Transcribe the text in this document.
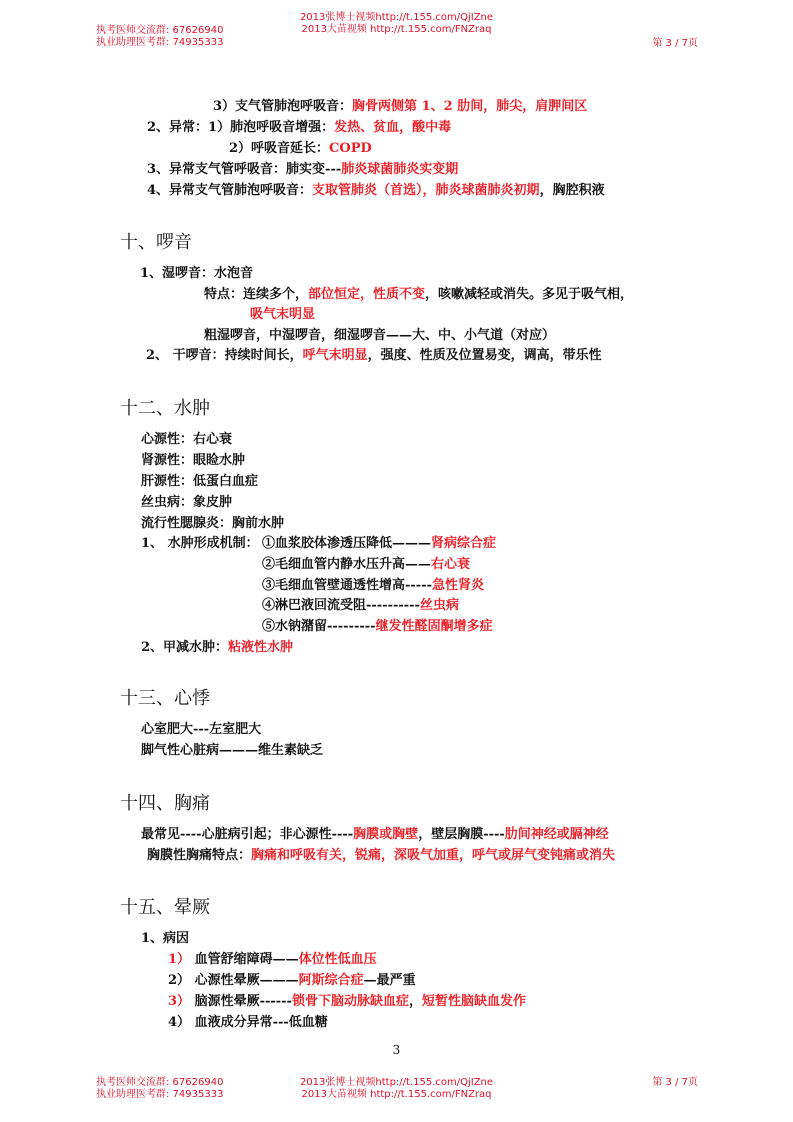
执考医师交流群: 67626940
执业助理医考群: 74935333
2013张博士视频http://t.155.com/QjIZne
2013大苗视频 http://t.155.com/FNZraq
第 3 / 7页
3）支气管肺泡呼吸音：胸骨两侧第 1、2 肋间，肺尖，肩胛间区
2、异常：1）肺泡呼吸音增强：发热、贫血，酸中毒
2）呼吸音延长：COPD
3、异常支气管呼吸音：肺实变---肺炎球菌肺炎实变期
4、异常支气管肺泡呼吸音：支取管肺炎（首选），肺炎球菌肺炎初期，胸腔积液
十、啰音
1、湿啰音：水泡音
特点：连续多个，部位恒定，性质不变，咳嗽减轻或消失。多见于吸气相，
吸气末明显
粗湿啰音，中湿啰音，细湿啰音——大、中、小气道（对应）
2、 干啰音：持续时间长，呼气末明显，强度、性质及位置易变，调高，带乐性
十二、水肿
心源性：右心衰
肾源性：眼睑水肿
肝源性：低蛋白血症
丝虫病：象皮肿
流行性腮腺炎：胸前水肿
1、 水肿形成机制： ①血浆胶体渗透压降低———肾病综合症
②毛细血管内静水压升高——右心衰
③毛细血管壁通透性增高-----急性肾炎
④淋巴液回流受阻----------丝虫病
⑤水钠潴留---------继发性醛固酮增多症
2、甲减水肿：粘液性水肿
十三、心悸
心室肥大---左室肥大
脚气性心脏病———维生素缺乏
十四、胸痛
最常见----心脏病引起；非心源性----胸膜或胸壁，壁层胸膜----肋间神经或膈神经
胸膜性胸痛特点：胸痛和呼吸有关，锐痛，深吸气加重，呼气或屏气变钝痛或消失
十五、晕厥
1、病因
1） 血管舒缩障碍——体位性低血压
2） 心源性晕厥———阿斯综合症—最严重
3） 脑源性晕厥------锁骨下脑动脉缺血症，短暂性脑缺血发作
4） 血液成分异常---低血糖
3
执考医师交流群: 67626940
执业助理医考群: 74935333
2013张博士视频http://t.155.com/QjIZne
2013大苗视频 http://t.155.com/FNZraq
第 3 / 7页
